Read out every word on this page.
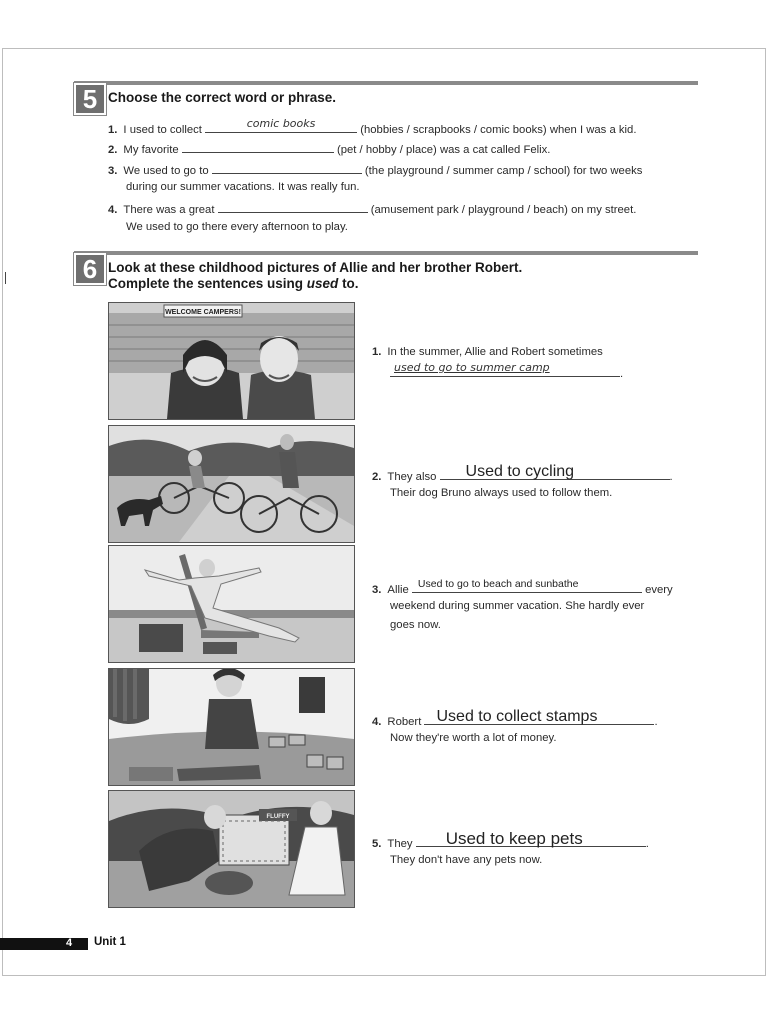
5 Choose the correct word or phrase.
1. I used to collect	comic books	(hobbies / scrapbooks / comic books) when I was a kid.
2. My favorite	(pet / hobby / place) was a cat called Felix.
3. We used to go to	(the playground / summer camp / school) for two weeks
during our summer vacations. It was really fun.
4. There was a great	(amusement park / playground / beach) on my street.
We used to go there every afternoon to play.
6 Look at these childhood pictures of Allie and her brother Robert.
Complete the sentences using used to.
WELCOME CAMPERS!
FLUFFY
1. In the summer, Allie and Robert sometimes
used to go to summer camp	.
2. They also Used to cycling	.
Their dog Bruno always used to follow them.
3. Allie Used to go to beach and sunbathe	every
weekend during summer vacation. She hardly ever
goes now.
4. Robert Used to collect stamps	.
Now they're worth a lot of money.
5. They Used to keep pets	.
They don't have any pets now.
4 Unit 1
